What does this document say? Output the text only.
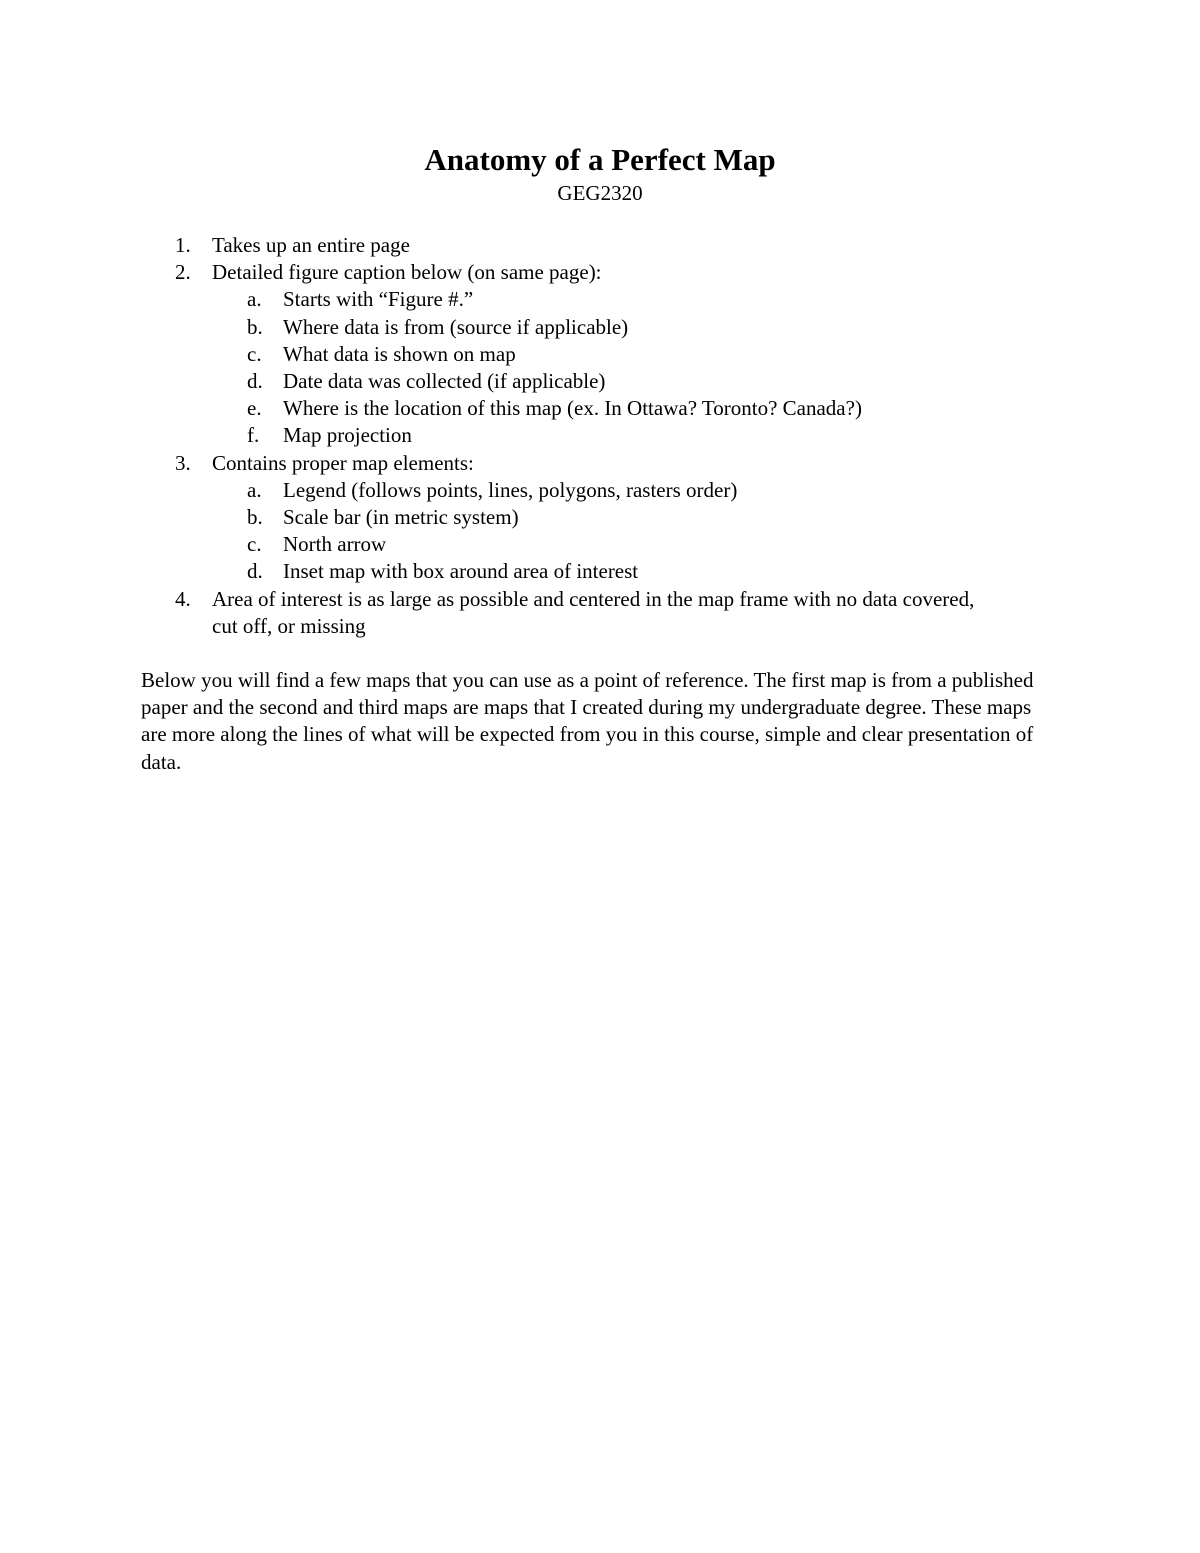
Anatomy of a Perfect Map
GEG2320
1. Takes up an entire page
2. Detailed figure caption below (on same page):
a. Starts with “Figure #.”
b. Where data is from (source if applicable)
c. What data is shown on map
d. Date data was collected (if applicable)
e. Where is the location of this map (ex. In Ottawa? Toronto? Canada?)
f. Map projection
3. Contains proper map elements:
a. Legend (follows points, lines, polygons, rasters order)
b. Scale bar (in metric system)
c. North arrow
d. Inset map with box around area of interest
4. Area of interest is as large as possible and centered in the map frame with no data covered, cut off, or missing

Below you will find a few maps that you can use as a point of reference. The first map is from a published paper and the second and third maps are maps that I created during my undergraduate degree. These maps are more along the lines of what will be expected from you in this course, simple and clear presentation of data.
